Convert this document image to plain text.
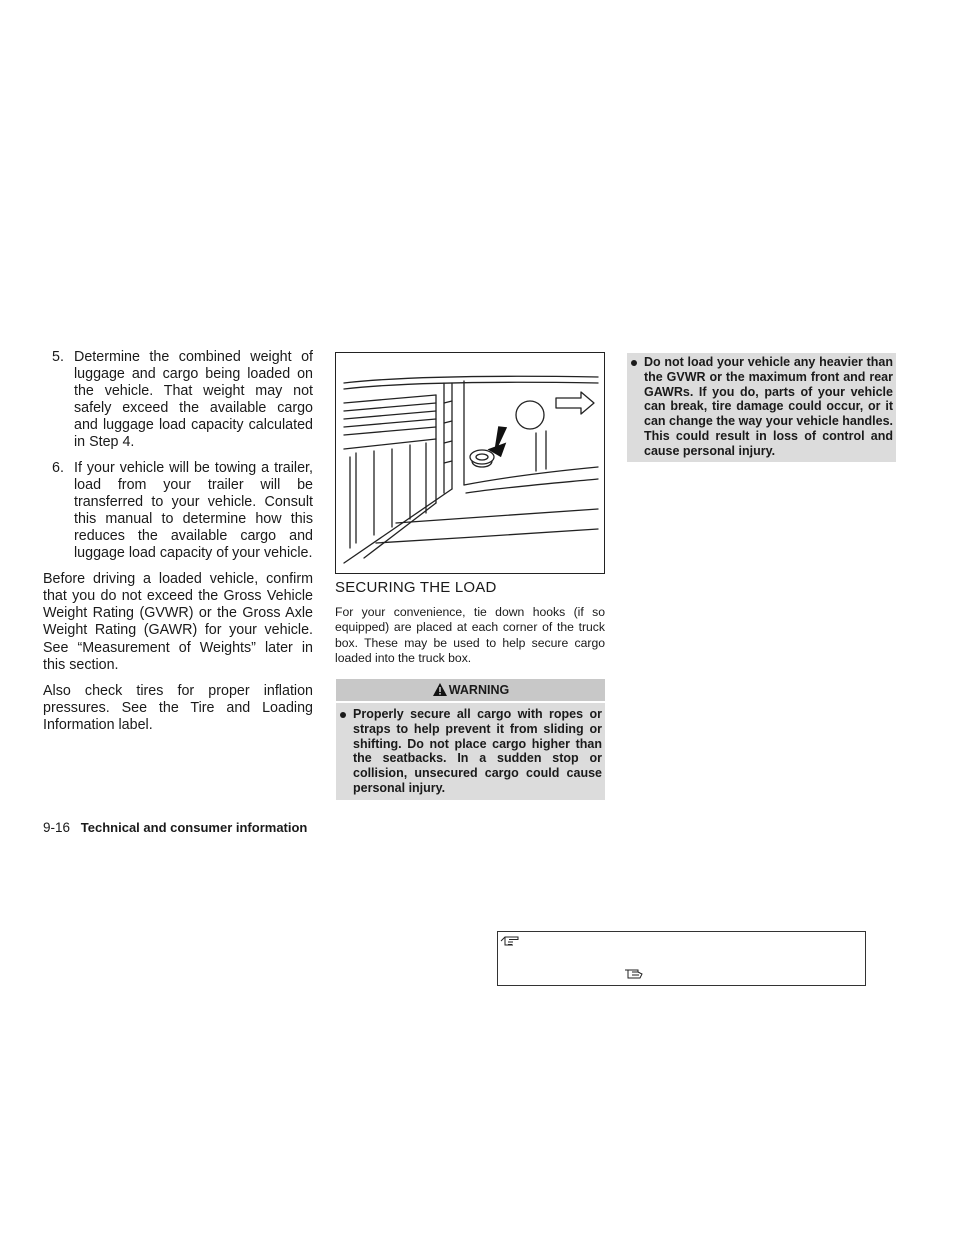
5. Determine the combined weight of luggage and cargo being loaded on the vehicle. That weight may not safely exceed the available cargo and luggage load capacity calculated in Step 4.
6. If your vehicle will be towing a trailer, load from your trailer will be transferred to your vehicle. Consult this manual to determine how this reduces the available cargo and luggage load capacity of your vehicle.

Before driving a loaded vehicle, confirm that you do not exceed the Gross Vehicle Weight Rating (GVWR) or the Gross Axle Weight Rating (GAWR) for your vehicle. See “Measurement of Weights” later in this section.

Also check tires for proper inflation pressures. See the Tire and Loading Information label.

SECURING THE LOAD

For your convenience, tie down hooks (if so equipped) are placed at each corner of the truck box. These may be used to help secure cargo loaded into the truck box.

WARNING
Properly secure all cargo with ropes or straps to help prevent it from sliding or shifting. Do not place cargo higher than the seatbacks. In a sudden stop or collision, unsecured cargo could cause personal injury.
Do not load your vehicle any heavier than the GVWR or the maximum front and rear GAWRs. If you do, parts of your vehicle can break, tire damage could occur, or it can change the way your vehicle handles. This could result in loss of control and cause personal injury.
9-16 Technical and consumer information
